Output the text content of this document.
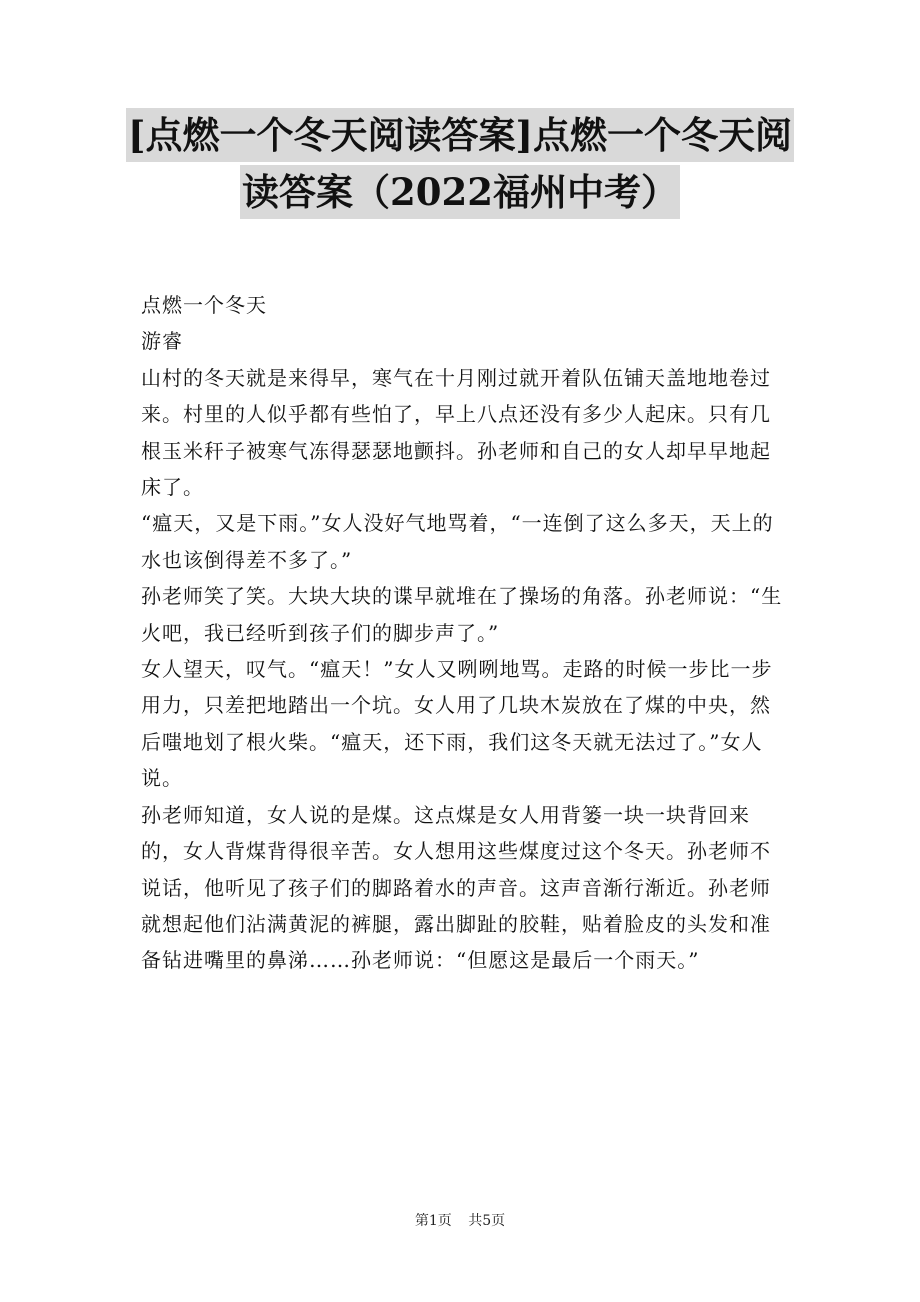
[点燃一个冬天阅读答案]点燃一个冬天阅
读答案（2022福州中考）

点燃一个冬天

游睿

山村的冬天就是来得早，寒气在十月刚过就开着队伍铺天盖地地卷过来。村里的人似乎都有些怕了，早上八点还没有多少人起床。只有几根玉米秆子被寒气冻得瑟瑟地颤抖。孙老师和自己的女人却早早地起床了。

“瘟天，又是下雨。”女人没好气地骂着，“一连倒了这么多天，天上的水也该倒得差不多了。”

孙老师笑了笑。大块大块的谍早就堆在了操场的角落。孙老师说：“生火吧，我已经听到孩子们的脚步声了。”

女人望天，叹气。“瘟天！”女人又咧咧地骂。走路的时候一步比一步用力，只差把地踏出一个坑。女人用了几块木炭放在了煤的中央，然后嗤地划了根火柴。“瘟天，还下雨，我们这冬天就无法过了。”女人说。

孙老师知道，女人说的是煤。这点煤是女人用背篓一块一块背回来的，女人背煤背得很辛苦。女人想用这些煤度过这个冬天。孙老师不说话，他听见了孩子们的脚路着水的声音。这声音渐行渐近。孙老师就想起他们沾满黄泥的裤腿，露出脚趾的胶鞋，贴着脸皮的头发和准备钻进嘴里的鼻涕……孙老师说：“但愿这是最后一个雨天。”

第1页 共5页
